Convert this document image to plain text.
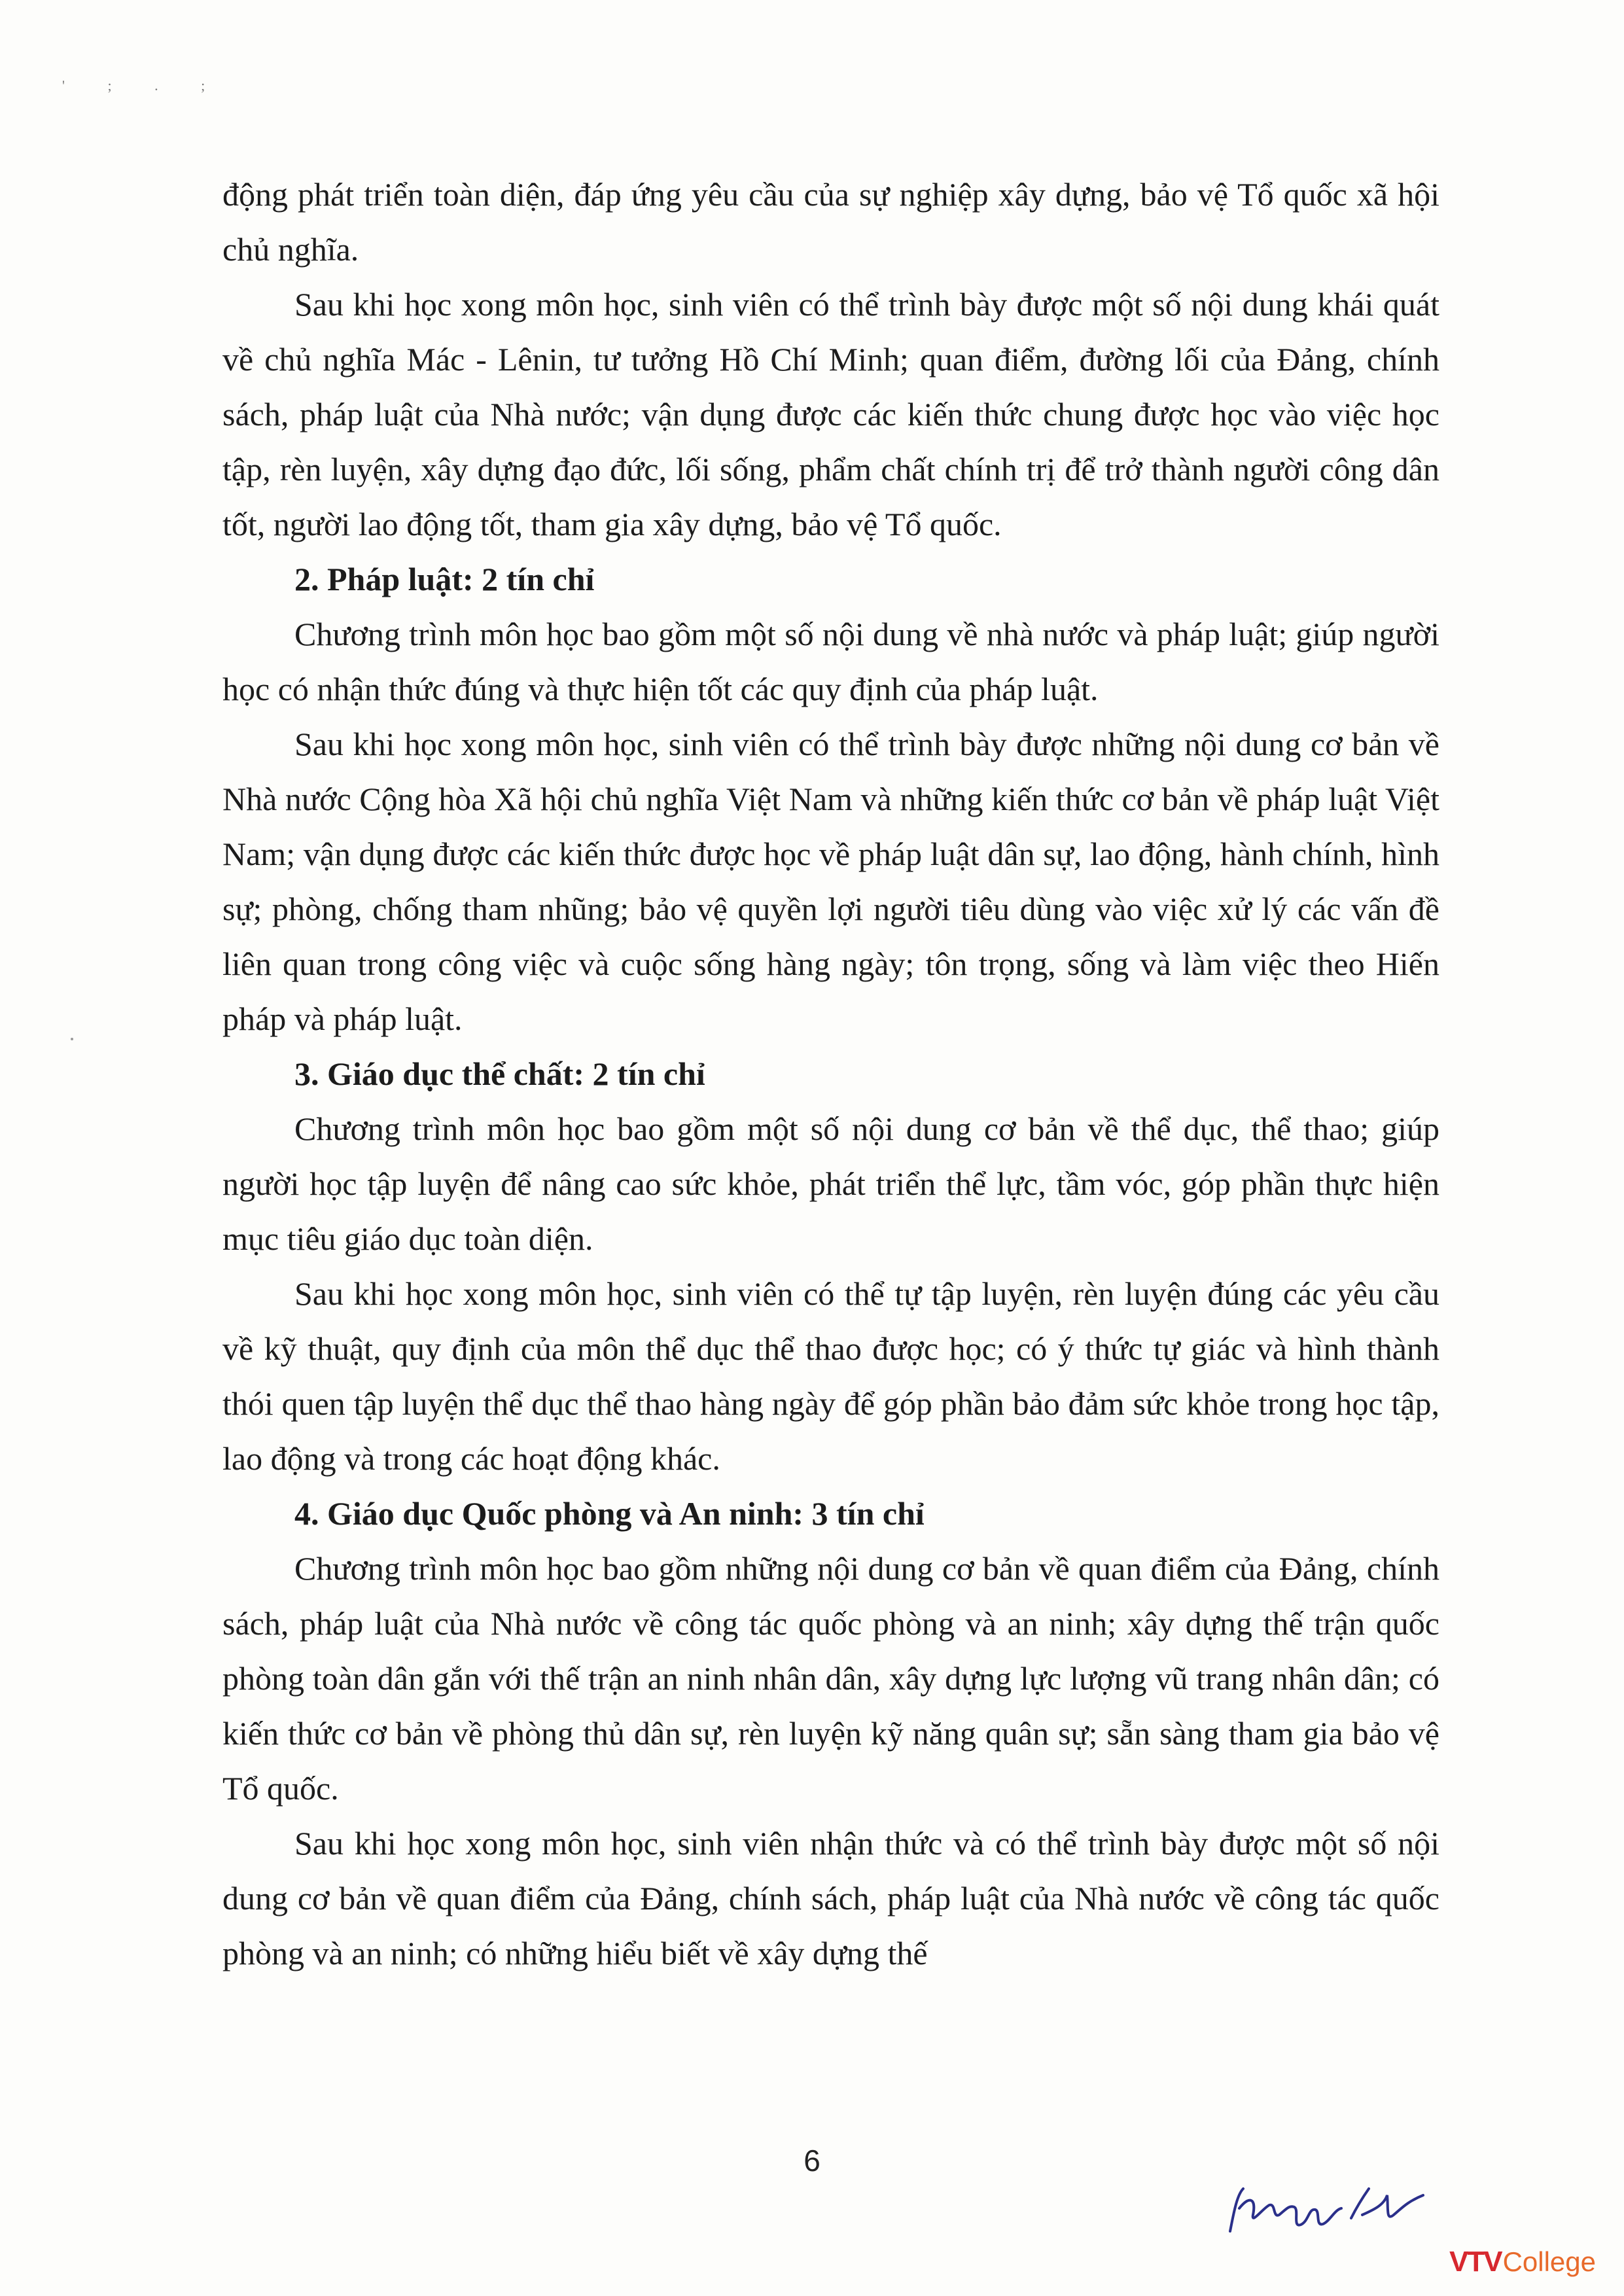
' ; . ;

động phát triển toàn diện, đáp ứng yêu cầu của sự nghiệp xây dựng, bảo vệ Tổ quốc xã hội chủ nghĩa.

Sau khi học xong môn học, sinh viên có thể trình bày được một số nội dung khái quát về chủ nghĩa Mác - Lênin, tư tưởng Hồ Chí Minh; quan điểm, đường lối của Đảng, chính sách, pháp luật của Nhà nước; vận dụng được các kiến thức chung được học vào việc học tập, rèn luyện, xây dựng đạo đức, lối sống, phẩm chất chính trị để trở thành người công dân tốt, người lao động tốt, tham gia xây dựng, bảo vệ Tổ quốc.

2. Pháp luật: 2 tín chỉ

Chương trình môn học bao gồm một số nội dung về nhà nước và pháp luật; giúp người học có nhận thức đúng và thực hiện tốt các quy định của pháp luật.

Sau khi học xong môn học, sinh viên có thể trình bày được những nội dung cơ bản về Nhà nước Cộng hòa Xã hội chủ nghĩa Việt Nam và những kiến thức cơ bản về pháp luật Việt Nam; vận dụng được các kiến thức được học về pháp luật dân sự, lao động, hành chính, hình sự; phòng, chống tham nhũng; bảo vệ quyền lợi người tiêu dùng vào việc xử lý các vấn đề liên quan trong công việc và cuộc sống hàng ngày; tôn trọng, sống và làm việc theo Hiến pháp và pháp luật.

3. Giáo dục thể chất: 2 tín chỉ

Chương trình môn học bao gồm một số nội dung cơ bản về thể dục, thể thao; giúp người học tập luyện để nâng cao sức khỏe, phát triển thể lực, tầm vóc, góp phần thực hiện mục tiêu giáo dục toàn diện.

Sau khi học xong môn học, sinh viên có thể tự tập luyện, rèn luyện đúng các yêu cầu về kỹ thuật, quy định của môn thể dục thể thao được học; có ý thức tự giác và hình thành thói quen tập luyện thể dục thể thao hàng ngày để góp phần bảo đảm sức khỏe trong học tập, lao động và trong các hoạt động khác.

4. Giáo dục Quốc phòng và An ninh: 3 tín chỉ

Chương trình môn học bao gồm những nội dung cơ bản về quan điểm của Đảng, chính sách, pháp luật của Nhà nước về công tác quốc phòng và an ninh; xây dựng thế trận quốc phòng toàn dân gắn với thế trận an ninh nhân dân, xây dựng lực lượng vũ trang nhân dân; có kiến thức cơ bản về phòng thủ dân sự, rèn luyện kỹ năng quân sự; sẵn sàng tham gia bảo vệ Tổ quốc.

Sau khi học xong môn học, sinh viên nhận thức và có thể trình bày được một số nội dung cơ bản về quan điểm của Đảng, chính sách, pháp luật của Nhà nước về công tác quốc phòng và an ninh; có những hiểu biết về xây dựng thế

6
VTV College
